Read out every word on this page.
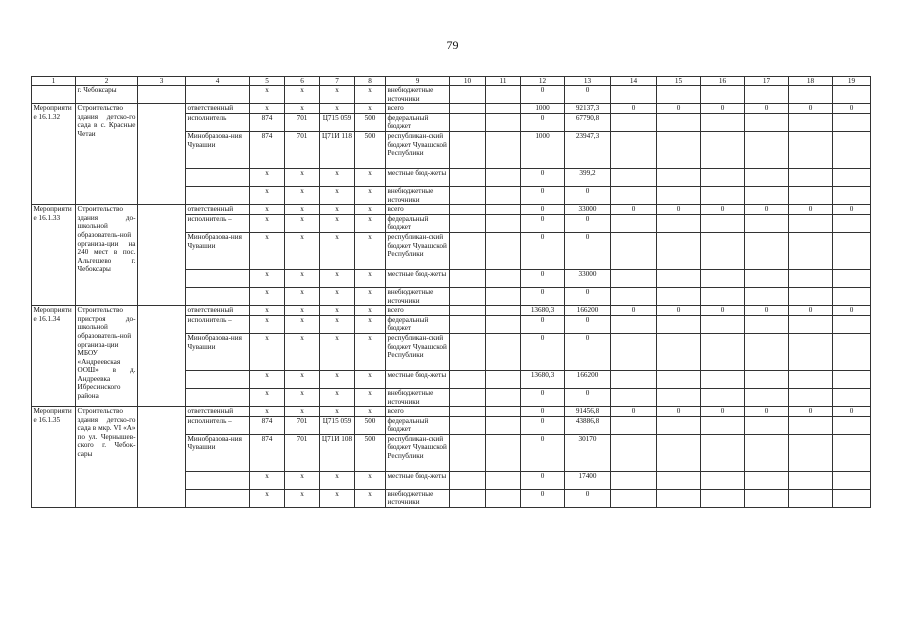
79
1	2	3	4	5	6	7	8	9	10	11	12	13	14	15	16	17	18	19
	г. Чебоксары			x	x	x	x	внебюджетные источники			0	0						
Мероприятие 16.1.32	Строительство здания детско-го сада в с. Красные Четаи		ответственный	x	x	x	x	всего			1000	92137,3	0	0	0	0	0	0
			исполнитель	874	701	Ц715 059	500	федеральный бюджет			0	67790,8						
			Минобразова-ния Чувашии	874	701	Ц71И 118	500	республикан-ский бюджет Чувашской Республики			1000	23947,3						
				x	x	x	x	местные бюд-жеты			0	399,2						
				x	x	x	x	внебюджетные источники			0	0						
Мероприятие 16.1.33	Строительство здания до-школьной образователь-ной организа-ции на 240 мест в пос. Альгешево г. Чебоксары		ответственный	x	x	x	x	всего			0	33000	0	0	0	0	0	0
			исполнитель –	x	x	x	x	федеральный бюджет			0	0						
			Минобразова-ния Чувашии	x	x	x	x	республикан-ский бюджет Чувашской Республики			0	0						
				x	x	x	x	местные бюд-жеты			0	33000						
				x	x	x	x	внебюджетные источники			0	0						
Мероприятие 16.1.34	Строительство пристроя до-школьной образователь-ной организа-ции МБОУ «Андреевская ООШ» в д. Андреевка Ибресинского района		ответственный	x	x	x	x	всего			13680,3	166200	0	0	0	0	0	0
			исполнитель –	x	x	x	x	федеральный бюджет			0	0						
			Минобразова-ния Чувашии	x	x	x	x	республикан-ский бюджет Чувашской Республики			0	0						
				x	x	x	x	местные бюд-жеты			13680,3	166200						
				x	x	x	x	внебюджетные источники			0	0						
Мероприятие 16.1.35	Строительство здания детско-го сада в мкр. VI «А» по ул. Чернышев-ского г. Чебок-сары		ответственный	x	x	x	x	всего			0	91456,8	0	0	0	0	0	0
			исполнитель –	874	701	Ц715 059	500	федеральный бюджет			0	43886,8						
			Минобразова-ния Чувашии	874	701	Ц71И 108	500	республикан-ский бюджет Чувашской Республики			0	30170						
				x	x	x	x	местные бюд-жеты			0	17400						
				x	x	x	x	внебюджетные источники			0	0						
